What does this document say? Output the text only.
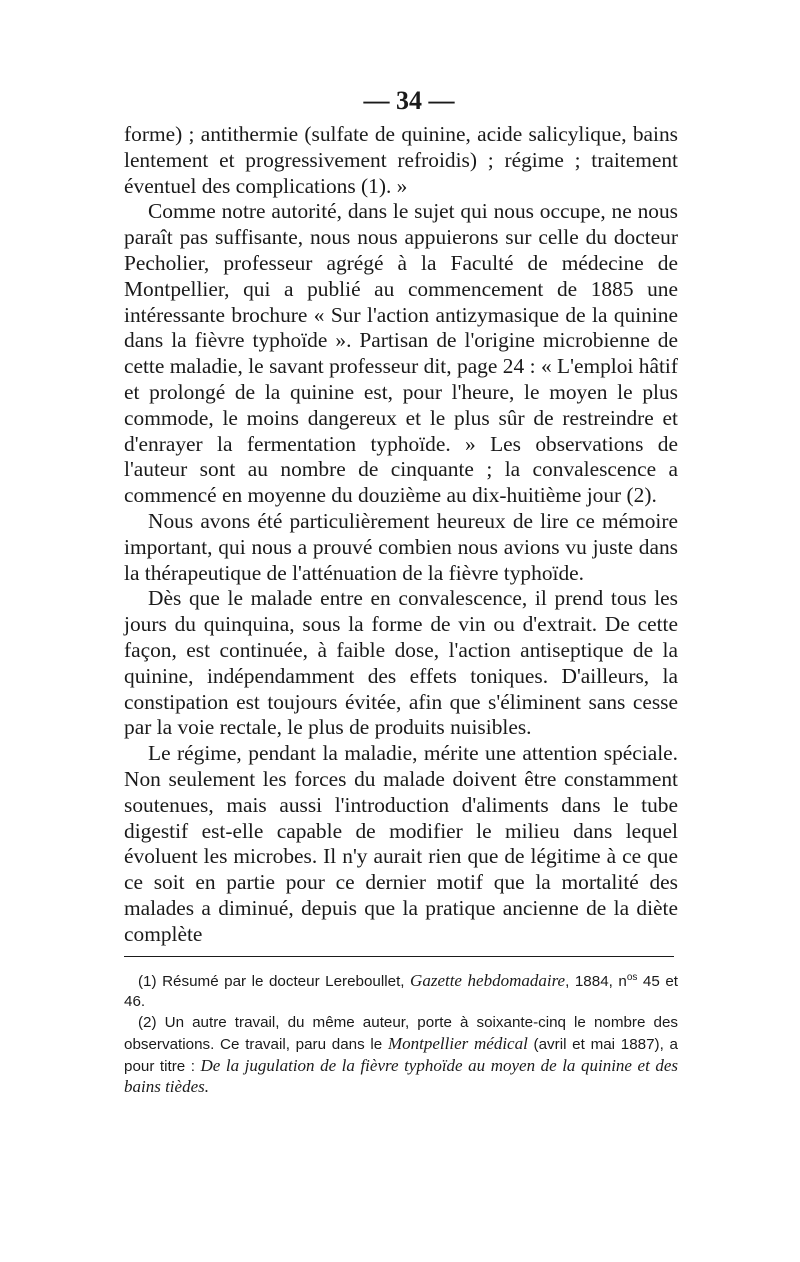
— 34 —

forme) ; antithermie (sulfate de quinine, acide salicylique, bains lentement et progressivement refroidis) ; régime ; traitement éventuel des complications (1). »

Comme notre autorité, dans le sujet qui nous occupe, ne nous paraît pas suffisante, nous nous appuierons sur celle du docteur Pecholier, professeur agrégé à la Faculté de médecine de Montpellier, qui a publié au commencement de 1885 une intéressante brochure « Sur l'action antizymasique de la quinine dans la fièvre typhoïde ». Partisan de l'origine microbienne de cette maladie, le savant professeur dit, page 24 : « L'emploi hâtif et prolongé de la quinine est, pour l'heure, le moyen le plus commode, le moins dangereux et le plus sûr de restreindre et d'enrayer la fermentation typhoïde. » Les observations de l'auteur sont au nombre de cinquante ; la convalescence a commencé en moyenne du douzième au dix-huitième jour (2).

Nous avons été particulièrement heureux de lire ce mémoire important, qui nous a prouvé combien nous avions vu juste dans la thérapeutique de l'atténuation de la fièvre typhoïde.

Dès que le malade entre en convalescence, il prend tous les jours du quinquina, sous la forme de vin ou d'extrait. De cette façon, est continuée, à faible dose, l'action antiseptique de la quinine, indépendamment des effets toniques. D'ailleurs, la constipation est toujours évitée, afin que s'éliminent sans cesse par la voie rectale, le plus de produits nuisibles.

Le régime, pendant la maladie, mérite une attention spéciale. Non seulement les forces du malade doivent être constamment soutenues, mais aussi l'introduction d'aliments dans le tube digestif est-elle capable de modifier le milieu dans lequel évoluent les microbes. Il n'y aurait rien que de légitime à ce que ce soit en partie pour ce dernier motif que la mortalité des malades a diminué, depuis que la pratique ancienne de la diète complète

(1) Résumé par le docteur Lereboullet, Gazette hebdomadaire, 1884, $n^{os}$ 45 et 46.

(2) Un autre travail, du même auteur, porte à soixante-cinq le nombre des observations. Ce travail, paru dans le Montpellier médical (avril et mai 1887), a pour titre : De la jugulation de la fièvre typhoïde au moyen de la quinine et des bains tièdes.
